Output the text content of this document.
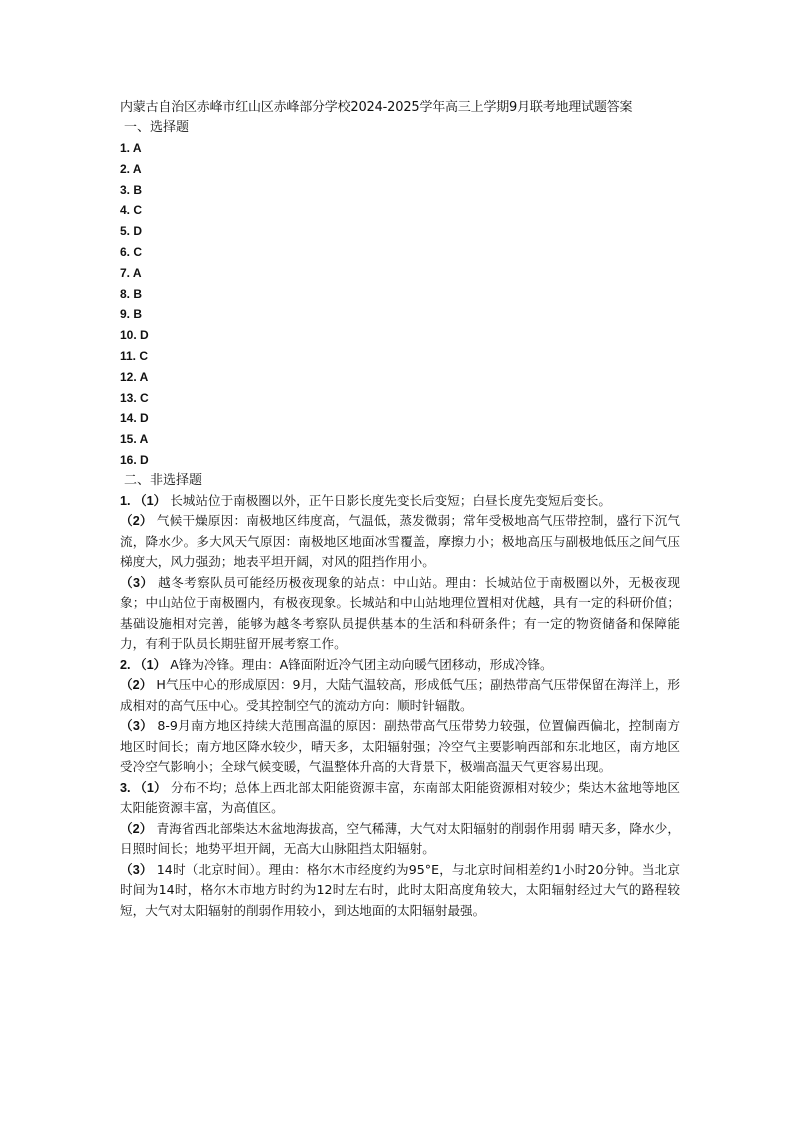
内蒙古自治区赤峰市红山区赤峰部分学校2024-2025学年高三上学期9月联考地理试题答案
一、选择题
1. A
2. A
3. B
4. C
5. D
6. C
7. A
8. B
9. B
10. D
11. C
12. A
13. C
14. D
15. A
16. D
二、非选择题

1. （1） 长城站位于南极圈以外，正午日影长度先变长后变短；白昼长度先变短后变长。

（2） 气候干燥原因：南极地区纬度高，气温低，蒸发微弱；常年受极地高气压带控制，盛行下沉气流，降水少。多大风天气原因：南极地区地面冰雪覆盖，摩擦力小；极地高压与副极地低压之间气压梯度大，风力强劲；地表平坦开阔，对风的阻挡作用小。

（3） 越冬考察队员可能经历极夜现象的站点：中山站。理由：长城站位于南极圈以外，无极夜现象；中山站位于南极圈内，有极夜现象。长城站和中山站地理位置相对优越，具有一定的科研价值；基础设施相对完善，能够为越冬考察队员提供基本的生活和科研条件；有一定的物资储备和保障能力，有利于队员长期驻留开展考察工作。

2. （1） A锋为冷锋。理由：A锋面附近冷气团主动向暖气团移动，形成冷锋。

（2） H气压中心的形成原因：9月，大陆气温较高，形成低气压；副热带高气压带保留在海洋上，形成相对的高气压中心。受其控制空气的流动方向：顺时针辐散。

（3） 8-9月南方地区持续大范围高温的原因：副热带高气压带势力较强，位置偏西偏北，控制南方地区时间长；南方地区降水较少，晴天多，太阳辐射强；冷空气主要影响西部和东北地区，南方地区受冷空气影响小；全球气候变暖，气温整体升高的大背景下，极端高温天气更容易出现。

3. （1） 分布不均；总体上西北部太阳能资源丰富，东南部太阳能资源相对较少；柴达木盆地等地区太阳能资源丰富，为高值区。

（2） 青海省西北部柴达木盆地海拔高，空气稀薄，大气对太阳辐射的削弱作用弱 晴天多，降水少，日照时间长；地势平坦开阔，无高大山脉阻挡太阳辐射。

（3） 14时（北京时间）。理由：格尔木市经度约为95°E，与北京时间相差约1小时20分钟。当北京时间为14时，格尔木市地方时约为12时左右时，此时太阳高度角较大，太阳辐射经过大气的路程较短，大气对太阳辐射的削弱作用较小，到达地面的太阳辐射最强。
